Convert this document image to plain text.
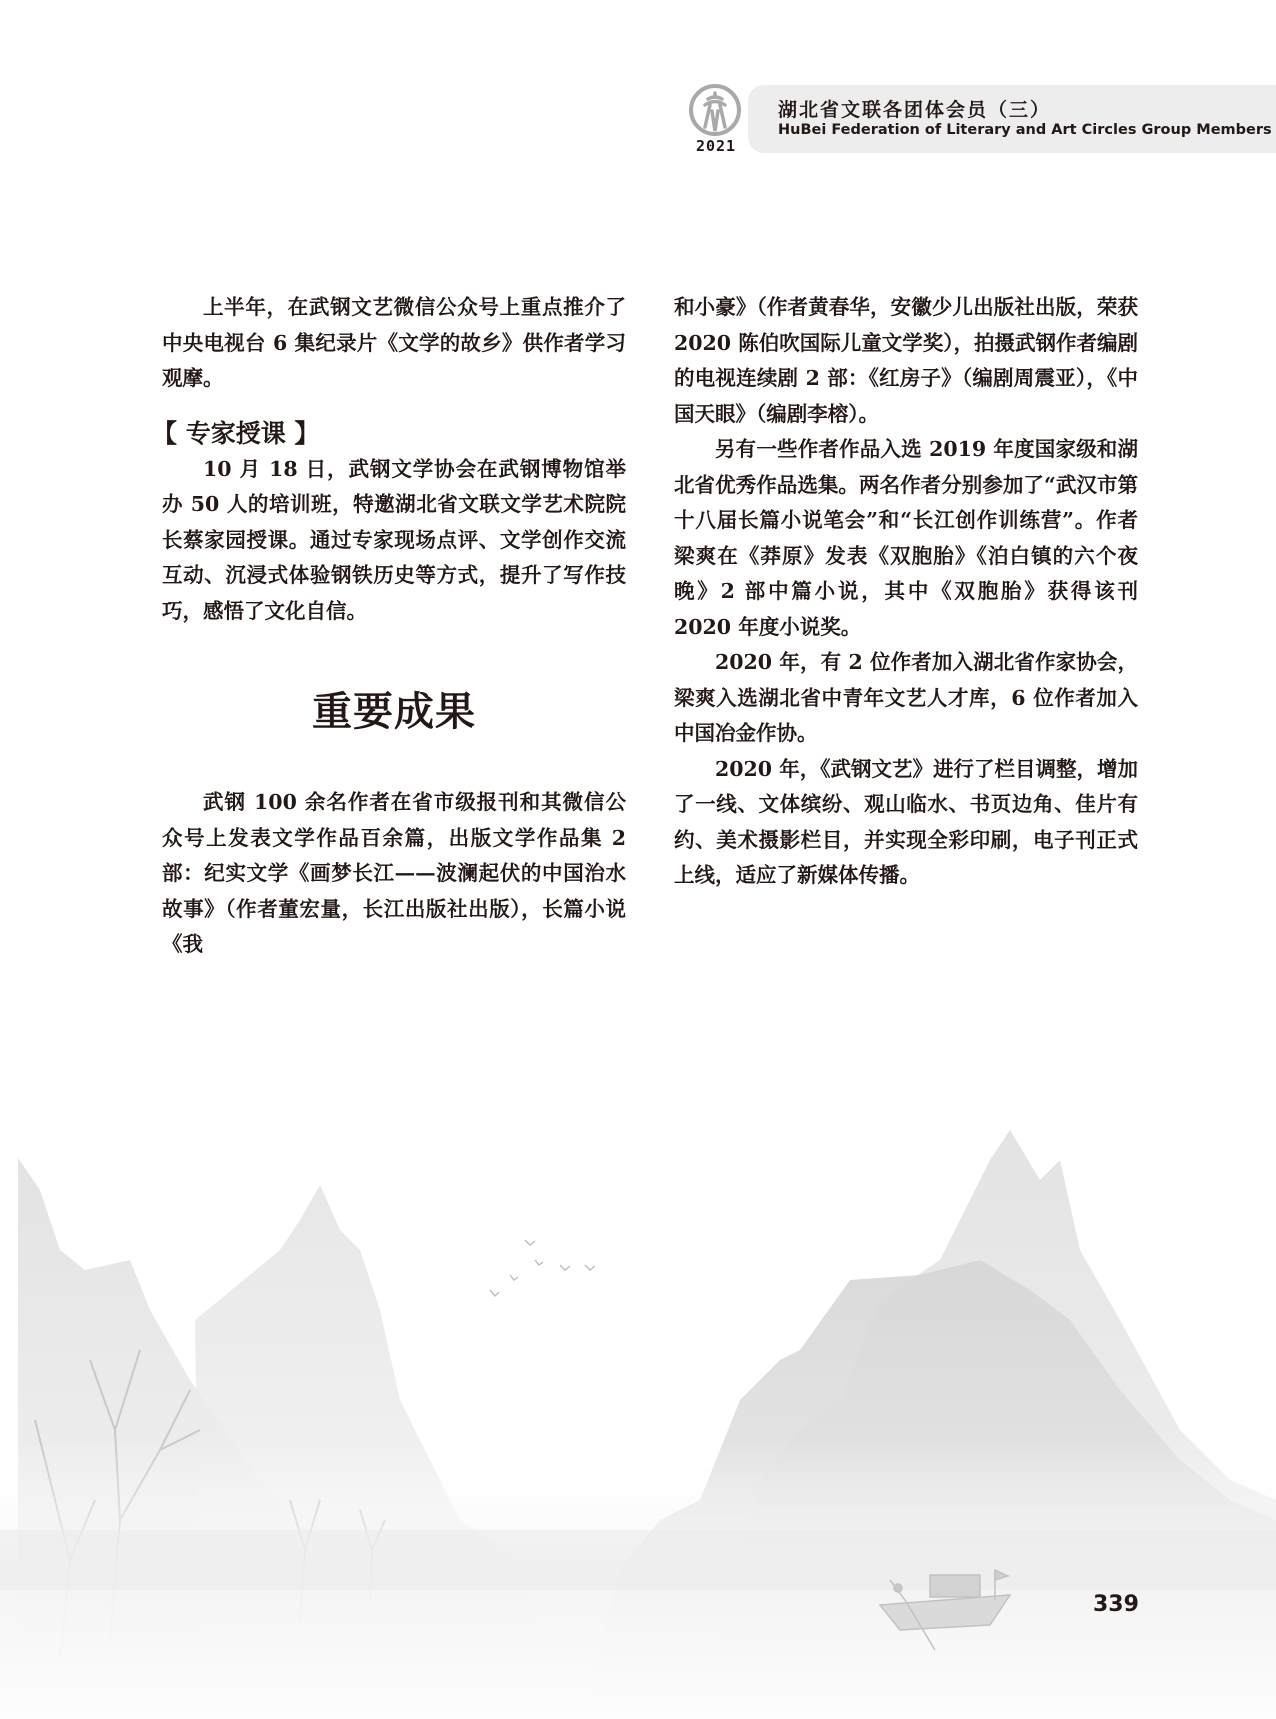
2021
湖北省文联各团体会员（三）
HuBei Federation of Literary and Art Circles Group Members

上半年，在武钢文艺微信公众号上重点推介了中央电视台 6 集纪录片《文学的故乡》供作者学习观摩。

【 专家授课 】

10 月 18 日，武钢文学协会在武钢博物馆举办 50 人的培训班，特邀湖北省文联文学艺术院院长蔡家园授课。通过专家现场点评、文学创作交流互动、沉浸式体验钢铁历史等方式，提升了写作技巧，感悟了文化自信。

重要成果

武钢 100 余名作者在省市级报刊和其微信公众号上发表文学作品百余篇，出版文学作品集 2 部：纪实文学《画梦长江——波澜起伏的中国治水故事》（作者董宏量，长江出版社出版），长篇小说《我

和小豪》（作者黄春华，安徽少儿出版社出版，荣获 2020 陈伯吹国际儿童文学奖），拍摄武钢作者编剧的电视连续剧 2 部：《红房子》（编剧周震亚），《中国天眼》（编剧李榕）。

另有一些作者作品入选 2019 年度国家级和湖北省优秀作品选集。两名作者分别参加了“武汉市第十八届长篇小说笔会”和“长江创作训练营”。作者梁爽在《莽原》发表《双胞胎》《泊白镇的六个夜晚》2 部中篇小说，其中《双胞胎》获得该刊 2020 年度小说奖。

2020 年，有 2 位作者加入湖北省作家协会，梁爽入选湖北省中青年文艺人才库，6 位作者加入中国冶金作协。

2020 年，《武钢文艺》进行了栏目调整，增加了一线、文体缤纷、观山临水、书页边角、佳片有约、美术摄影栏目，并实现全彩印刷，电子刊正式上线，适应了新媒体传播。

339
